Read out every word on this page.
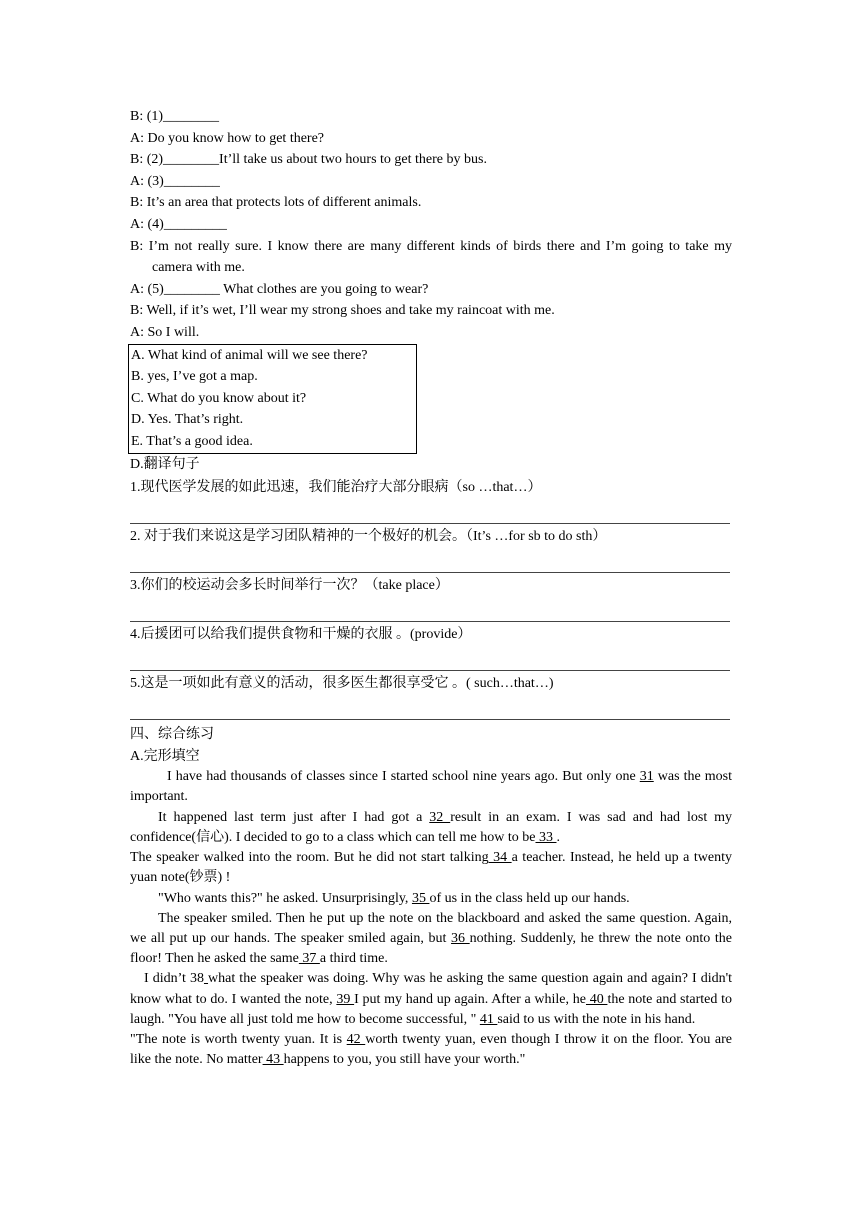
B: (1)________
A: Do you know how to get there?
B: (2)________It’ll take us about two hours to get there by bus.
A: (3)________
B: It’s an area that protects lots of different animals.
A: (4)_________
B: I’m not really sure. I know there are many different kinds of birds there and I’m going to take my camera with me.
A: (5)________ What clothes are you going to wear?
B: Well, if it’s wet, I’ll wear my strong shoes and take my raincoat with me.
A: So I will.
A. What kind of animal will we see there?
B. yes, I’ve got a map.
C. What do you know about it?
D. Yes. That’s right.
E. That’s a good idea.
D.翻译句子
1.现代医学发展的如此迅速，我们能治疗大部分眼病（so …that…）
2. 对于我们来说这是学习团队精神的一个极好的机会。（It’s …for sb to do sth）
3.你们的校运动会多长时间举行一次？（take place）
4.后援团可以给我们提供食物和干燥的衣服 。(provide）
5.这是一项如此有意义的活动，很多医生都很享受它 。( such…that…)
四、综合练习
A.完形填空
I have had thousands of classes since I started school nine years ago. But only one 31 was the most important.
It happened last term just after I had got a 32 result in an exam. I was sad and had lost my confidence(信心). I decided to go to a class which can tell me how to be 33 .
The speaker walked into the room. But he did not start talking 34 a teacher. Instead, he held up a twenty yuan note(钞票) !
"Who wants this?" he asked. Unsurprisingly, 35 of us in the class held up our hands.
The speaker smiled. Then he put up the note on the blackboard and asked the same question. Again, we all put up our hands. The speaker smiled again, but 36 nothing. Suddenly, he threw the note onto the floor! Then he asked the same 37 a third time.
I didn’t 38 what the speaker was doing. Why was he asking the same question again and again? I didn't know what to do. I wanted the note, 39 I put my hand up again. After a while, he 40 the note and started to laugh. "You have all just told me how to become successful, " 41 said to us with the note in his hand.
"The note is worth twenty yuan. It is 42 worth twenty yuan, even though I throw it on the floor. You are like the note. No matter 43 happens to you, you still have your worth."
